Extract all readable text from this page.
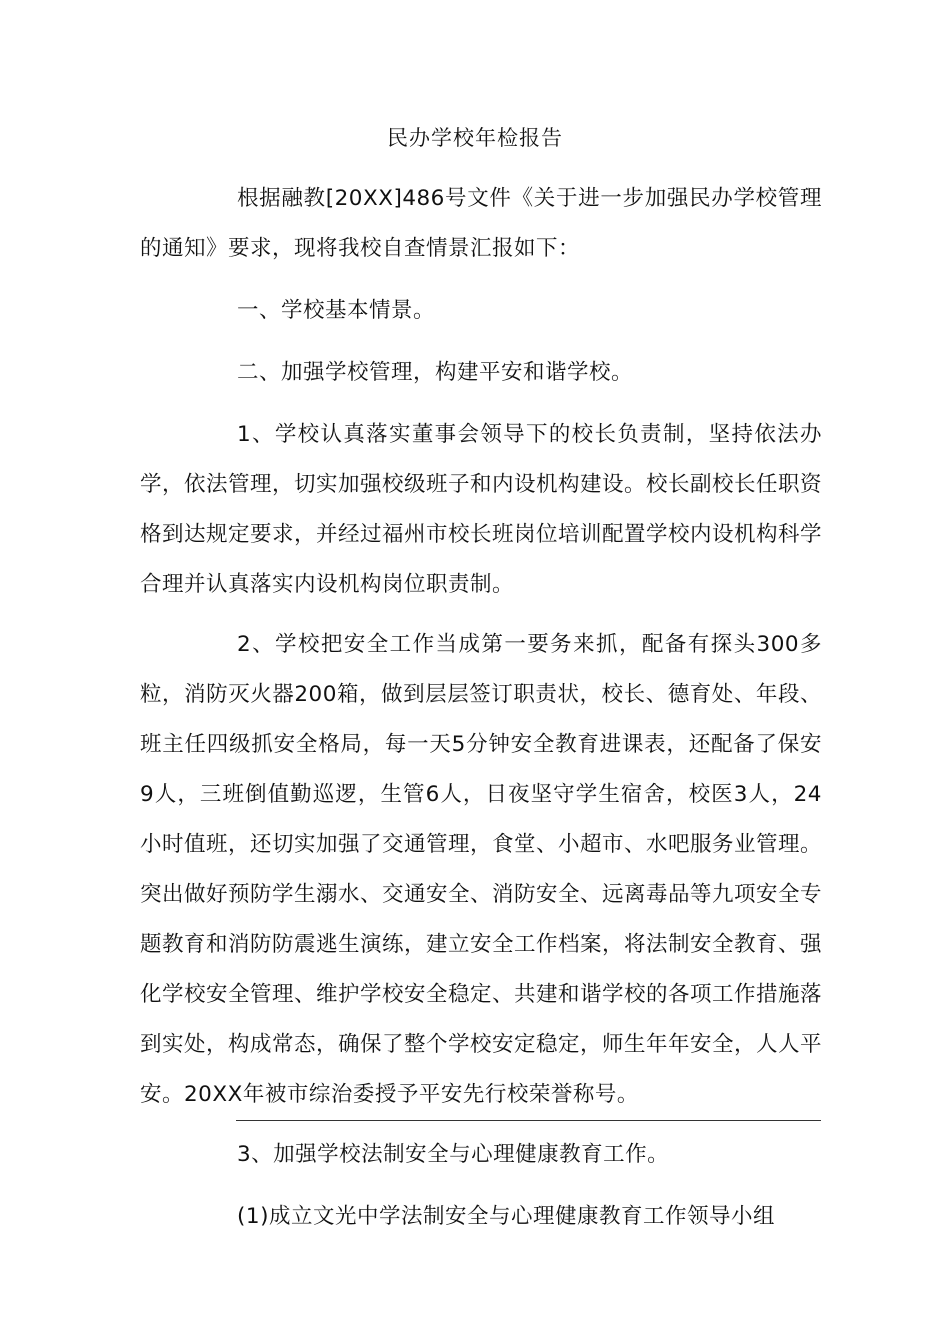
民办学校年检报告

根据融教[20XX]486号文件《关于进一步加强民办学校管理的通知》要求，现将我校自查情景汇报如下：

一、学校基本情景。

二、加强学校管理，构建平安和谐学校。

1、学校认真落实董事会领导下的校长负责制，坚持依法办学，依法管理，切实加强校级班子和内设机构建设。校长副校长任职资格到达规定要求，并经过福州市校长班岗位培训配置学校内设机构科学合理并认真落实内设机构岗位职责制。

2、学校把安全工作当成第一要务来抓，配备有探头300多粒，消防灭火器200箱，做到层层签订职责状，校长、德育处、年段、班主任四级抓安全格局，每一天5分钟安全教育进课表，还配备了保安9人，三班倒值勤巡逻，生管6人，日夜坚守学生宿舍，校医3人，24小时值班，还切实加强了交通管理，食堂、小超市、水吧服务业管理。突出做好预防学生溺水、交通安全、消防安全、远离毒品等九项安全专题教育和消防防震逃生演练，建立安全工作档案，将法制安全教育、强化学校安全管理、维护学校安全稳定、共建和谐学校的各项工作措施落到实处，构成常态，确保了整个学校安定稳定，师生年年安全，人人平安。20XX年被市综治委授予平安先行校荣誉称号。

3、加强学校法制安全与心理健康教育工作。

(1)成立文光中学法制安全与心理健康教育工作领导小组
